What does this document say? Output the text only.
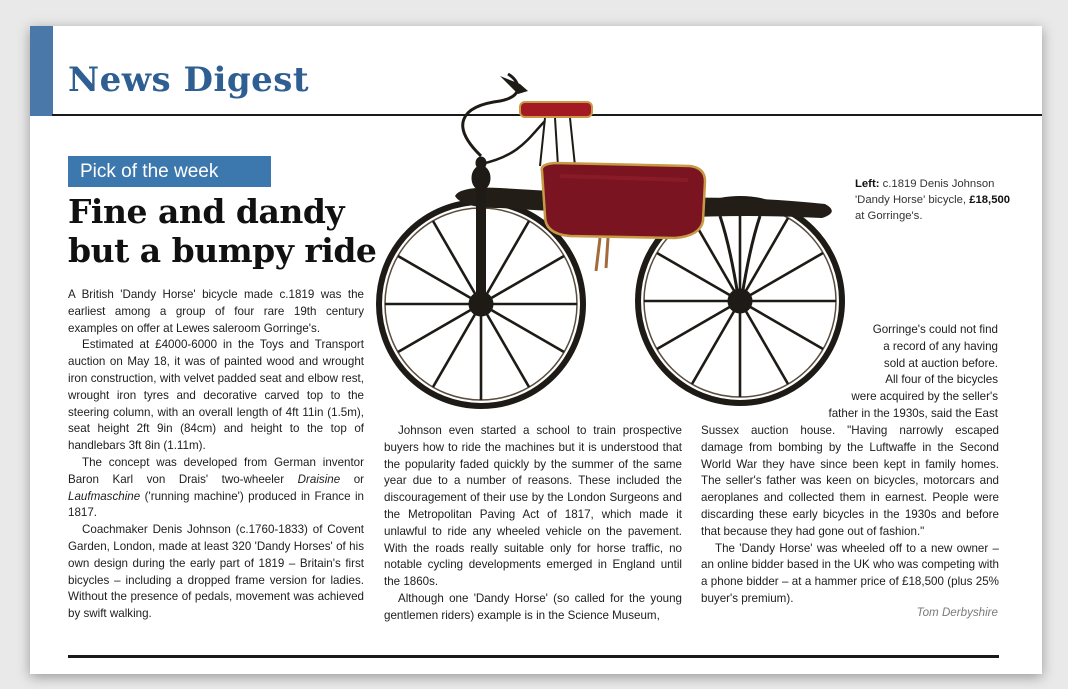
News Digest
Pick of the week
Fine and dandy
but a bumpy ride
Left: c.1819 Denis Johnson 'Dandy Horse' bicycle, £18,500 at Gorringe's.

A British 'Dandy Horse' bicycle made c.1819 was the earliest among a group of four rare 19th century examples on offer at Lewes saleroom Gorringe's.

Estimated at £4000-6000 in the Toys and Transport auction on May 18, it was of painted wood and wrought iron construction, with velvet padded seat and elbow rest, wrought iron tyres and decorative carved top to the steering column, with an overall length of 4ft 11in (1.5m), seat height 2ft 9in (84cm) and height to the top of handlebars 3ft 8in (1.11m).

The concept was developed from German inventor Baron Karl von Drais' two-wheeler Draisine or Laufmaschine ('running machine') produced in France in 1817.

Coachmaker Denis Johnson (c.1760-1833) of Covent Garden, London, made at least 320 'Dandy Horses' of his own design during the early part of 1819 – Britain's first bicycles – including a dropped frame version for ladies. Without the presence of pedals, movement was achieved by swift walking.

Johnson even started a school to train prospective buyers how to ride the machines but it is understood that the popularity faded quickly by the summer of the same year due to a number of reasons. These included the discouragement of their use by the London Surgeons and the Metropolitan Paving Act of 1817, which made it unlawful to ride any wheeled vehicle on the pavement. With the roads really suitable only for horse traffic, no notable cycling developments emerged in England until the 1860s.

Although one 'Dandy Horse' (so called for the young gentlemen riders) example is in the Science Museum,

Gorringe's could not find

a record of any having

sold at auction before.

All four of the bicycles

were acquired by the seller's

father in the 1930s, said the East

Sussex auction house. "Having narrowly escaped damage from bombing by the Luftwaffe in the Second World War they have since been kept in family homes. The seller's father was keen on bicycles, motorcars and aeroplanes and collected them in earnest. People were discarding these early bicycles in the 1930s and before that because they had gone out of fashion."

The 'Dandy Horse' was wheeled off to a new owner – an online bidder based in the UK who was competing with a phone bidder – at a hammer price of £18,500 (plus 25% buyer's premium).

Tom Derbyshire
